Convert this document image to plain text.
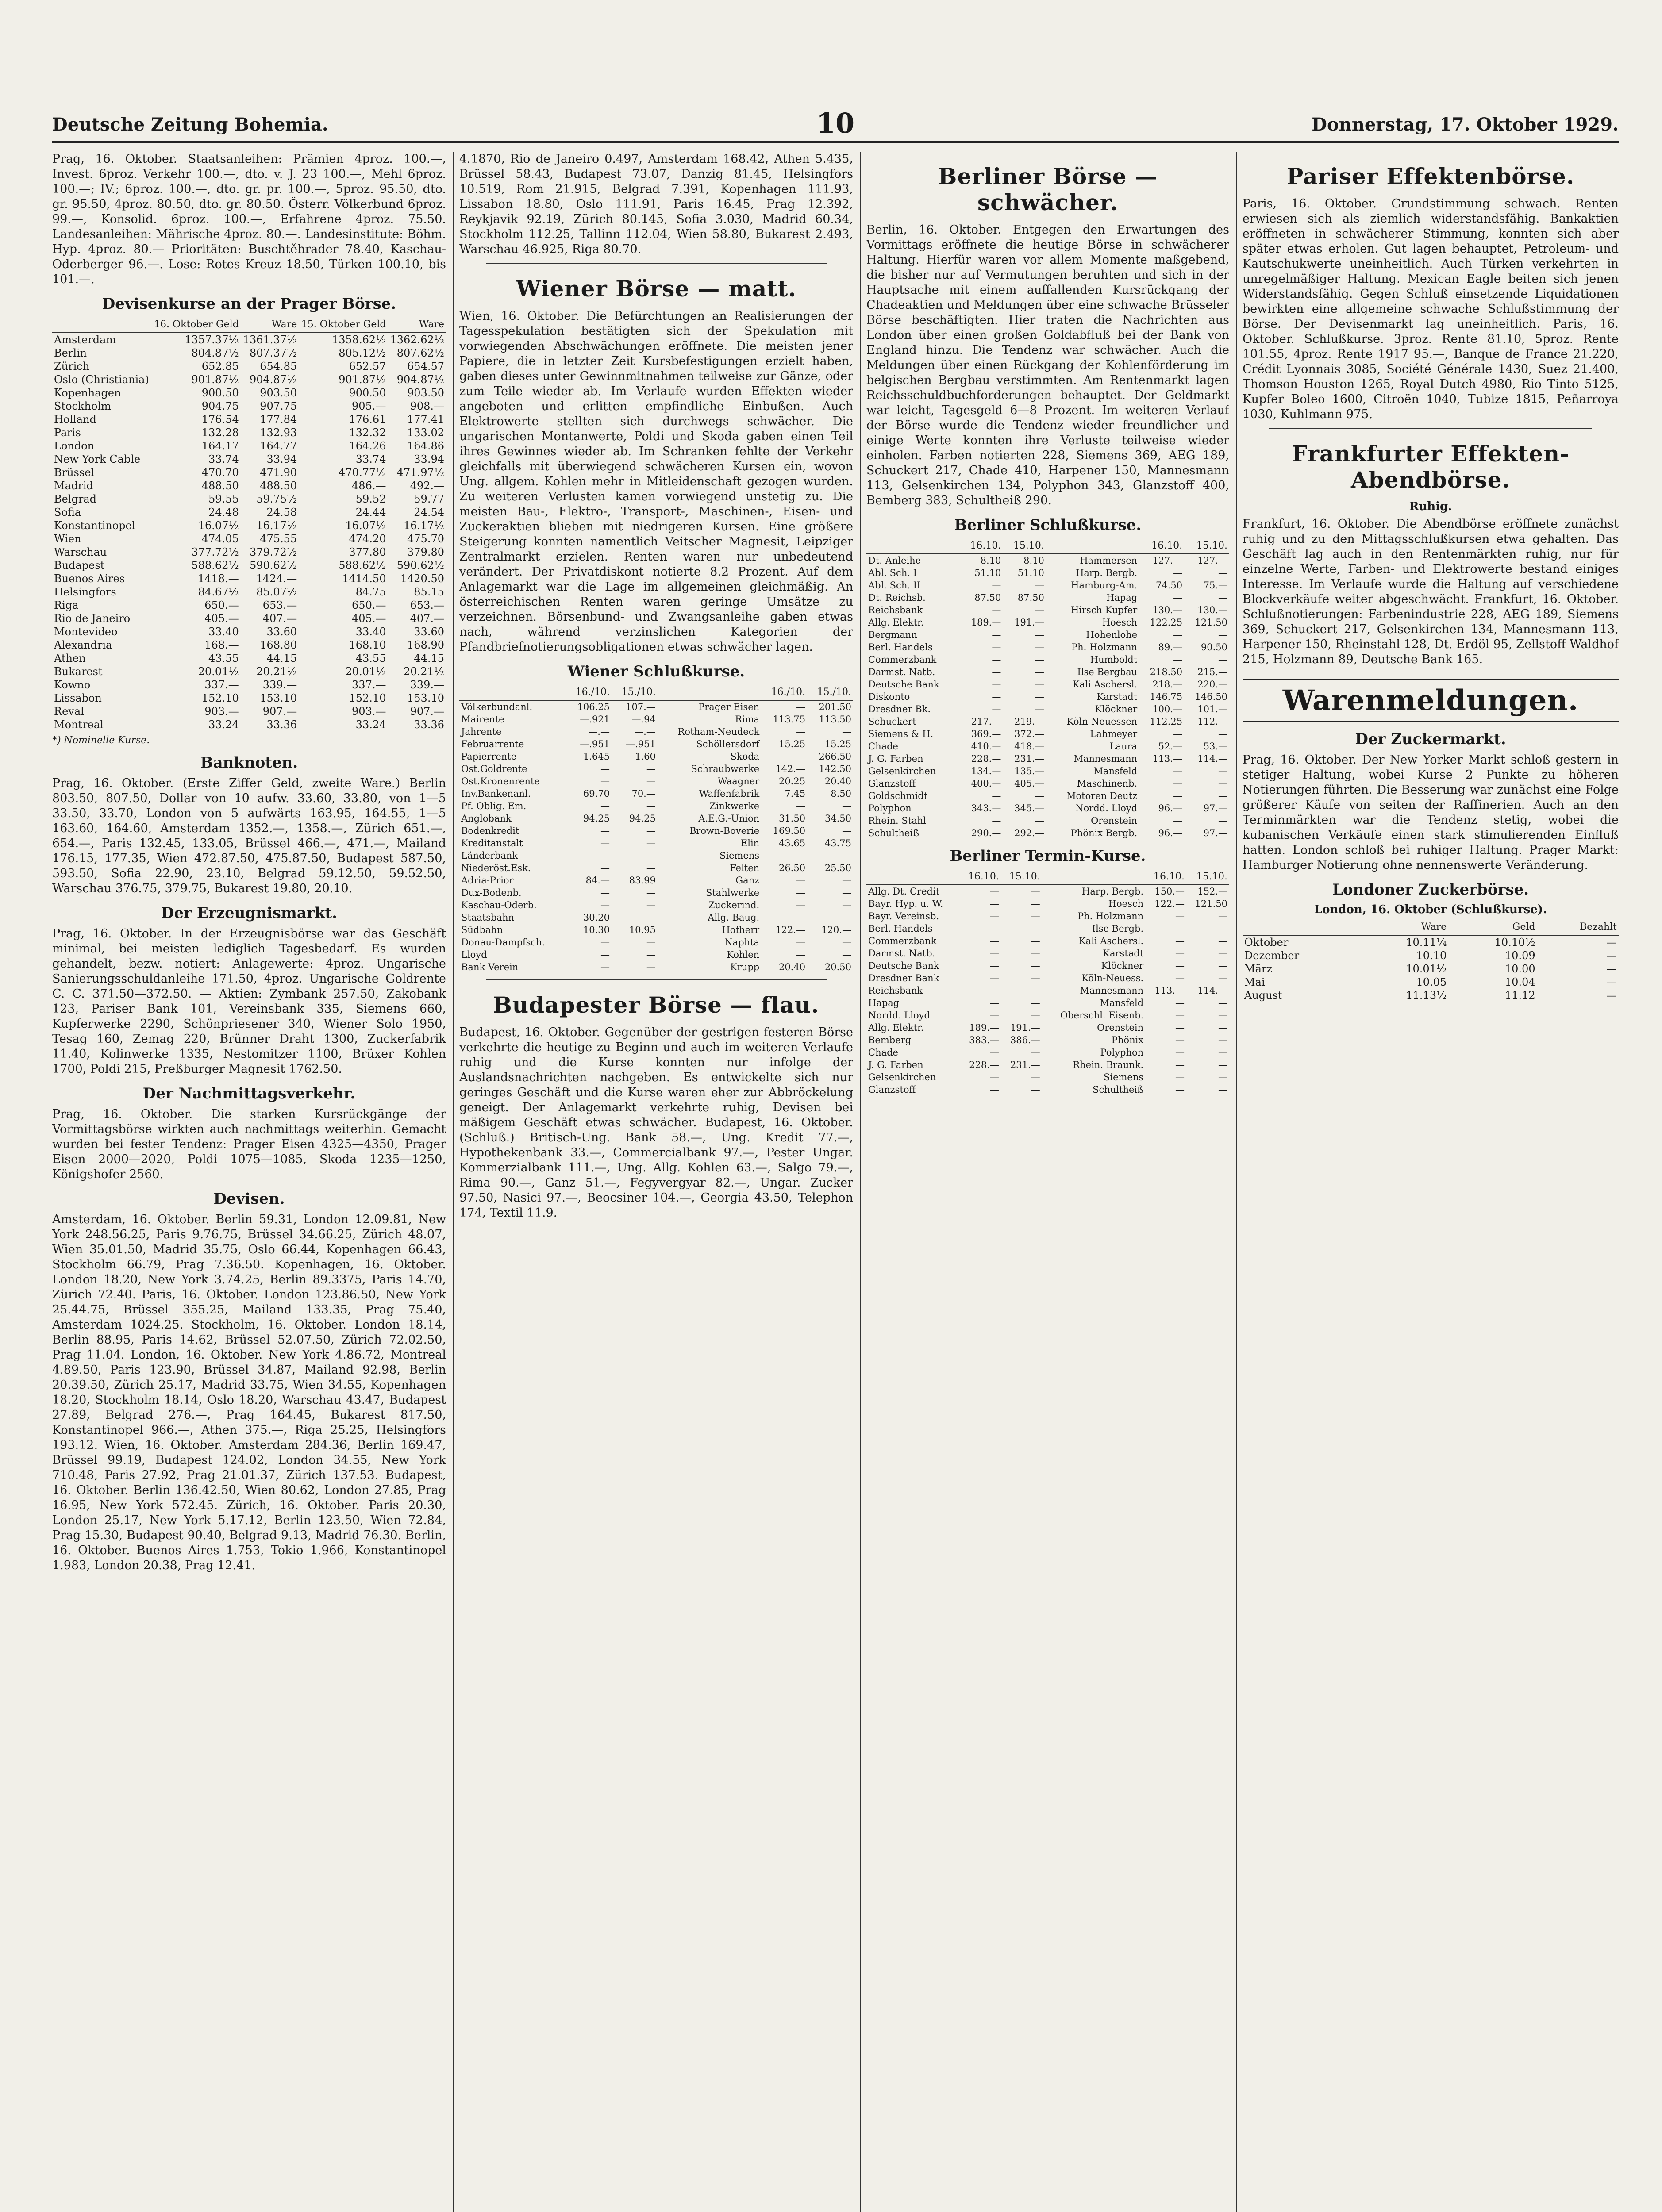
Deutsche Zeitung Bohemia.	10	Donnerstag, 17. Oktober 1929.

Prag, 16. Oktober. Staatsanleihen: Prämien 4proz. 100.—, Invest. 6proz. Verkehr 100.—, dto. v. J. 23 100.—, Mehl 6proz. 100.—; IV.; 6proz. 100.—, dto. gr. pr. 100.—, 5proz. 95.50, dto. gr. 95.50, 4proz. 80.50, dto. gr. 80.50. Österr. Völkerbund 6proz. 99.—, Konsolid. 6proz. 100.—, Erfahrene 4proz. 75.50. Landesanleihen: Mährische 4proz. 80.—. Landesinstitute: Böhm. Hyp. 4proz. 80.— Prioritäten: Buschtěhrader 78.40, Kaschau-Oderberger 96.—. Lose: Rotes Kreuz 18.50, Türken 100.10, bis 101.—.

Devisenkurse an der Prager Börse.
	16. Oktober Geld	Ware	15. Oktober Geld	Ware
Amsterdam	1357.37½	1361.37½	1358.62½	1362.62½
Berlin	804.87½	807.37½	805.12½	807.62½
Zürich	652.85	654.85	652.57	654.57
Oslo (Christiania)	901.87½	904.87½	901.87½	904.87½
Kopenhagen	900.50	903.50	900.50	903.50
Stockholm	904.75	907.75	905.—	908.—
Holland	176.54	177.84	176.61	177.41
Paris	132.28	132.93	132.32	133.02
London	164.17	164.77	164.26	164.86
New York Cable	33.74	33.94	33.74	33.94
Brüssel	470.70	471.90	470.77½	471.97½
Madrid	488.50	488.50	486.—	492.—
Belgrad	59.55	59.75½	59.52	59.77
Sofia	24.48	24.58	24.44	24.54
Konstantinopel	16.07½	16.17½	16.07½	16.17½
Wien	474.05	475.55	474.20	475.70
Warschau	377.72½	379.72½	377.80	379.80
Budapest	588.62½	590.62½	588.62½	590.62½
Buenos Aires	1418.—	1424.—	1414.50	1420.50
Helsingfors	84.67½	85.07½	84.75	85.15
Riga	650.—	653.—	650.—	653.—
Rio de Janeiro	405.—	407.—	405.—	407.—
Montevideo	33.40	33.60	33.40	33.60
Alexandria	168.—	168.80	168.10	168.90
Athen	43.55	44.15	43.55	44.15
Bukarest	20.01½	20.21½	20.01½	20.21½
Kowno	337.—	339.—	337.—	339.—
Lissabon	152.10	153.10	152.10	153.10
Reval	903.—	907.—	903.—	907.—
Montreal	33.24	33.36	33.24	33.36
*) Nominelle Kurse.
Banknoten.

Prag, 16. Oktober. (Erste Ziffer Geld, zweite Ware.) Berlin 803.50, 807.50, Dollar von 10 aufw. 33.60, 33.80, von 1—5 33.50, 33.70, London von 5 aufwärts 163.95, 164.55, 1—5 163.60, 164.60, Amsterdam 1352.—, 1358.—, Zürich 651.—, 654.—, Paris 132.45, 133.05, Brüssel 466.—, 471.—, Mailand 176.15, 177.35, Wien 472.87.50, 475.87.50, Budapest 587.50, 593.50, Sofia 22.90, 23.10, Belgrad 59.12.50, 59.52.50, Warschau 376.75, 379.75, Bukarest 19.80, 20.10.

Der Erzeugnismarkt.

Prag, 16. Oktober. In der Erzeugnisbörse war das Geschäft minimal, bei meisten lediglich Tagesbedarf. Es wurden gehandelt, bezw. notiert: Anlagewerte: 4proz. Ungarische Sanierungsschuldanleihe 171.50, 4proz. Ungarische Goldrente C. C. 371.50—372.50. — Aktien: Zymbank 257.50, Zakobank 123, Pariser Bank 101, Vereinsbank 335, Siemens 660, Kupferwerke 2290, Schönpriesener 340, Wiener Solo 1950, Tesag 160, Zemag 220, Brünner Draht 1300, Zuckerfabrik 11.40, Kolinwerke 1335, Nestomitzer 1100, Brüxer Kohlen 1700, Poldi 215, Preßburger Magnesit 1762.50.

Der Nachmittagsverkehr.

Prag, 16. Oktober. Die starken Kursrückgänge der Vormittagsbörse wirkten auch nachmittags weiterhin. Gemacht wurden bei fester Tendenz: Prager Eisen 4325—4350, Prager Eisen 2000—2020, Poldi 1075—1085, Skoda 1235—1250, Königshofer 2560.

Devisen.

Amsterdam, 16. Oktober. Berlin 59.31, London 12.09.81, New York 248.56.25, Paris 9.76.75, Brüssel 34.66.25, Zürich 48.07, Wien 35.01.50, Madrid 35.75, Oslo 66.44, Kopenhagen 66.43, Stockholm 66.79, Prag 7.36.50. Kopenhagen, 16. Oktober. London 18.20, New York 3.74.25, Berlin 89.3375, Paris 14.70, Zürich 72.40. Paris, 16. Oktober. London 123.86.50, New York 25.44.75, Brüssel 355.25, Mailand 133.35, Prag 75.40, Amsterdam 1024.25. Stockholm, 16. Oktober. London 18.14, Berlin 88.95, Paris 14.62, Brüssel 52.07.50, Zürich 72.02.50, Prag 11.04. London, 16. Oktober. New York 4.86.72, Montreal 4.89.50, Paris 123.90, Brüssel 34.87, Mailand 92.98, Berlin 20.39.50, Zürich 25.17, Madrid 33.75, Wien 34.55, Kopenhagen 18.20, Stockholm 18.14, Oslo 18.20, Warschau 43.47, Budapest 27.89, Belgrad 276.—, Prag 164.45, Bukarest 817.50, Konstantinopel 966.—, Athen 375.—, Riga 25.25, Helsingfors 193.12. Wien, 16. Oktober. Amsterdam 284.36, Berlin 169.47, Brüssel 99.19, Budapest 124.02, London 34.55, New York 710.48, Paris 27.92, Prag 21.01.37, Zürich 137.53. Budapest, 16. Oktober. Berlin 136.42.50, Wien 80.62, London 27.85, Prag 16.95, New York 572.45. Zürich, 16. Oktober. Paris 20.30, London 25.17, New York 5.17.12, Berlin 123.50, Wien 72.84, Prag 15.30, Budapest 90.40, Belgrad 9.13, Madrid 76.30. Berlin, 16. Oktober. Buenos Aires 1.753, Tokio 1.966, Konstantinopel 1.983, London 20.38, Prag 12.41.

4.1870, Rio de Janeiro 0.497, Amsterdam 168.42, Athen 5.435, Brüssel 58.43, Budapest 73.07, Danzig 81.45, Helsingfors 10.519, Rom 21.915, Belgrad 7.391, Kopenhagen 111.93, Lissabon 18.80, Oslo 111.91, Paris 16.45, Prag 12.392, Reykjavik 92.19, Zürich 80.145, Sofia 3.030, Madrid 60.34, Stockholm 112.25, Tallinn 112.04, Wien 58.80, Bukarest 2.493, Warschau 46.925, Riga 80.70.

Wiener Börse — matt.

Wien, 16. Oktober. Die Befürchtungen an Realisierungen der Tagesspekulation bestätigten sich der Spekulation mit vorwiegenden Abschwächungen eröffnete. Die meisten jener Papiere, die in letzter Zeit Kursbefestigungen erzielt haben, gaben dieses unter Gewinnmitnahmen teilweise zur Gänze, oder zum Teile wieder ab. Im Verlaufe wurden Effekten wieder angeboten und erlitten empfindliche Einbußen. Auch Elektrowerte stellten sich durchwegs schwächer. Die ungarischen Montanwerte, Poldi und Skoda gaben einen Teil ihres Gewinnes wieder ab. Im Schranken fehlte der Verkehr gleichfalls mit überwiegend schwächeren Kursen ein, wovon Ung. allgem. Kohlen mehr in Mitleidenschaft gezogen wurden. Zu weiteren Verlusten kamen vorwiegend unstetig zu. Die meisten Bau-, Elektro-, Transport-, Maschinen-, Eisen- und Zuckeraktien blieben mit niedrigeren Kursen. Eine größere Steigerung konnten namentlich Veitscher Magnesit, Leipziger Zentralmarkt erzielen. Renten waren nur unbedeutend verändert. Der Privatdiskont notierte 8.2 Prozent. Auf dem Anlagemarkt war die Lage im allgemeinen gleichmäßig. An österreichischen Renten waren geringe Umsätze zu verzeichnen. Börsenbund- und Zwangsanleihe gaben etwas nach, während verzinslichen Kategorien der Pfandbriefnotierungsobligationen etwas schwächer lagen.

Wiener Schlußkurse.
	16./10.	15./10.		16./10.	15./10.
Völkerbundanl.	106.25	107.—	Prager Eisen	—	201.50
Mairente	—.921	—.94	Rima	113.75	113.50
Jahrente	—.—	—.—	Rotham-Neudeck	—	—
Februarrente	—.951	—.951	Schöllersdorf	15.25	15.25
Papierrente	1.645	1.60	Skoda	—	266.50
Ost.Goldrente	—	—	Schraubwerke	142.—	142.50
Ost.Kronenrente	—	—	Waagner	20.25	20.40
Inv.Bankenanl.	69.70	70.—	Waffenfabrik	7.45	8.50
Pf. Oblig. Em.	—	—	Zinkwerke	—	—
Anglobank	94.25	94.25	A.E.G.-Union	31.50	34.50
Bodenkredit	—	—	Brown-Boverie	169.50	—
Kreditanstalt	—	—	Elin	43.65	43.75
Länderbank	—	—	Siemens	—	—
Niederöst.Esk.	—	—	Felten	26.50	25.50
Adria-Prior	84.—	83.99	Ganz	—	—
Dux-Bodenb.	—	—	Stahlwerke	—	—
Kaschau-Oderb.	—	—	Zuckerind.	—	—
Staatsbahn	30.20	—	Allg. Baug.	—	—
Südbahn	10.30	10.95	Hofherr	122.—	120.—
Donau-Dampfsch.	—	—	Naphta	—	—
Lloyd	—	—	Kohlen	—	—
Bank Verein	—	—	Krupp	20.40	20.50
Budapester Börse — flau.

Budapest, 16. Oktober. Gegenüber der gestrigen festeren Börse verkehrte die heutige zu Beginn und auch im weiteren Verlaufe ruhig und die Kurse konnten nur infolge der Auslandsnachrichten nachgeben. Es entwickelte sich nur geringes Geschäft und die Kurse waren eher zur Abbröckelung geneigt. Der Anlagemarkt verkehrte ruhig, Devisen bei mäßigem Geschäft etwas schwächer. Budapest, 16. Oktober. (Schluß.) Britisch-Ung. Bank 58.—, Ung. Kredit 77.—, Hypothekenbank 33.—, Commercialbank 97.—, Pester Ungar. Kommerzialbank 111.—, Ung. Allg. Kohlen 63.—, Salgo 79.—, Rima 90.—, Ganz 51.—, Fegyvergyar 82.—, Ungar. Zucker 97.50, Nasici 97.—, Beocsiner 104.—, Georgia 43.50, Telephon 174, Textil 11.9.

Berliner Börse — schwächer.

Berlin, 16. Oktober. Entgegen den Erwartungen des Vormittags eröffnete die heutige Börse in schwächerer Haltung. Hierfür waren vor allem Momente maßgebend, die bisher nur auf Vermutungen beruhten und sich in der Hauptsache mit einem auffallenden Kursrückgang der Chadeaktien und Meldungen über eine schwache Brüsseler Börse beschäftigten. Hier traten die Nachrichten aus London über einen großen Goldabfluß bei der Bank von England hinzu. Die Tendenz war schwächer. Auch die Meldungen über einen Rückgang der Kohlenförderung im belgischen Bergbau verstimmten. Am Rentenmarkt lagen Reichsschuldbuchforderungen behauptet. Der Geldmarkt war leicht, Tagesgeld 6—8 Prozent. Im weiteren Verlauf der Börse wurde die Tendenz wieder freundlicher und einige Werte konnten ihre Verluste teilweise wieder einholen. Farben notierten 228, Siemens 369, AEG 189, Schuckert 217, Chade 410, Harpener 150, Mannesmann 113, Gelsenkirchen 134, Polyphon 343, Glanzstoff 400, Bemberg 383, Schultheiß 290.

Berliner Schlußkurse.
	16.10.	15.10.		16.10.	15.10.
Dt. Anleihe	8.10	8.10	Hammersen	127.—	127.—
Abl. Sch. I	51.10	51.10	Harp. Bergb.	—	—
Abl. Sch. II	—	—	Hamburg-Am.	74.50	75.—
Dt. Reichsb.	87.50	87.50	Hapag	—	—
Reichsbank	—	—	Hirsch Kupfer	130.—	130.—
Allg. Elektr.	189.—	191.—	Hoesch	122.25	121.50
Bergmann	—	—	Hohenlohe	—	—
Berl. Handels	—	—	Ph. Holzmann	89.—	90.50
Commerzbank	—	—	Humboldt	—	—
Darmst. Natb.	—	—	Ilse Bergbau	218.50	215.—
Deutsche Bank	—	—	Kali Aschersl.	218.—	220.—
Diskonto	—	—	Karstadt	146.75	146.50
Dresdner Bk.	—	—	Klöckner	100.—	101.—
Schuckert	217.—	219.—	Köln-Neuessen	112.25	112.—
Siemens & H.	369.—	372.—	Lahmeyer	—	—
Chade	410.—	418.—	Laura	52.—	53.—
J. G. Farben	228.—	231.—	Mannesmann	113.—	114.—
Gelsenkirchen	134.—	135.—	Mansfeld	—	—
Glanzstoff	400.—	405.—	Maschinenb.	—	—
Goldschmidt	—	—	Motoren Deutz	—	—
Polyphon	343.—	345.—	Nordd. Lloyd	96.—	97.—
Rhein. Stahl	—	—	Orenstein	—	—
Schultheiß	290.—	292.—	Phönix Bergb.	96.—	97.—
Berliner Termin-Kurse.
	16.10.	15.10.		16.10.	15.10.
Allg. Dt. Credit	—	—	Harp. Bergb.	150.—	152.—
Bayr. Hyp. u. W.	—	—	Hoesch	122.—	121.50
Bayr. Vereinsb.	—	—	Ph. Holzmann	—	—
Berl. Handels	—	—	Ilse Bergb.	—	—
Commerzbank	—	—	Kali Aschersl.	—	—
Darmst. Natb.	—	—	Karstadt	—	—
Deutsche Bank	—	—	Klöckner	—	—
Dresdner Bank	—	—	Köln-Neuess.	—	—
Reichsbank	—	—	Mannesmann	113.—	114.—
Hapag	—	—	Mansfeld	—	—
Nordd. Lloyd	—	—	Oberschl. Eisenb.	—	—
Allg. Elektr.	189.—	191.—	Orenstein	—	—
Bemberg	383.—	386.—	Phönix	—	—
Chade	—	—	Polyphon	—	—
J. G. Farben	228.—	231.—	Rhein. Braunk.	—	—
Gelsenkirchen	—	—	Siemens	—	—
Glanzstoff	—	—	Schultheiß	—	—
Pariser Effektenbörse.

Paris, 16. Oktober. Grundstimmung schwach. Renten erwiesen sich als ziemlich widerstandsfähig. Bankaktien eröffneten in schwächerer Stimmung, konnten sich aber später etwas erholen. Gut lagen behauptet, Petroleum- und Kautschukwerte uneinheitlich. Auch Türken verkehrten in unregelmäßiger Haltung. Mexican Eagle beiten sich jenen Widerstandsfähig. Gegen Schluß einsetzende Liquidationen bewirkten eine allgemeine schwache Schlußstimmung der Börse. Der Devisenmarkt lag uneinheitlich. Paris, 16. Oktober. Schlußkurse. 3proz. Rente 81.10, 5proz. Rente 101.55, 4proz. Rente 1917 95.—, Banque de France 21.220, Crédit Lyonnais 3085, Société Générale 1430, Suez 21.400, Thomson Houston 1265, Royal Dutch 4980, Rio Tinto 5125, Kupfer Boleo 1600, Citroën 1040, Tubize 1815, Peñarroya 1030, Kuhlmann 975.

Frankfurter Effekten-Abendbörse.
Ruhig.

Frankfurt, 16. Oktober. Die Abendbörse eröffnete zunächst ruhig und zu den Mittagsschlußkursen etwa gehalten. Das Geschäft lag auch in den Rentenmärkten ruhig, nur für einzelne Werte, Farben- und Elektrowerte bestand einiges Interesse. Im Verlaufe wurde die Haltung auf verschiedene Blockverkäufe weiter abgeschwächt. Frankfurt, 16. Oktober. Schlußnotierungen: Farbenindustrie 228, AEG 189, Siemens 369, Schuckert 217, Gelsenkirchen 134, Mannesmann 113, Harpener 150, Rheinstahl 128, Dt. Erdöl 95, Zellstoff Waldhof 215, Holzmann 89, Deutsche Bank 165.

Warenmeldungen.
Der Zuckermarkt.

Prag, 16. Oktober. Der New Yorker Markt schloß gestern in stetiger Haltung, wobei Kurse 2 Punkte zu höheren Notierungen führten. Die Besserung war zunächst eine Folge größerer Käufe von seiten der Raffinerien. Auch an den Terminmärkten war die Tendenz stetig, wobei die kubanischen Verkäufe einen stark stimulierenden Einfluß hatten. London schloß bei ruhiger Haltung. Prager Markt: Hamburger Notierung ohne nennenswerte Veränderung.

Londoner Zuckerbörse.
London, 16. Oktober (Schlußkurse).
	Ware	Geld	Bezahlt
Oktober	10.11¼	10.10½	—
Dezember	10.10	10.09	—
März	10.01½	10.00	—
Mai	10.05	10.04	—
August	11.13½	11.12	—
